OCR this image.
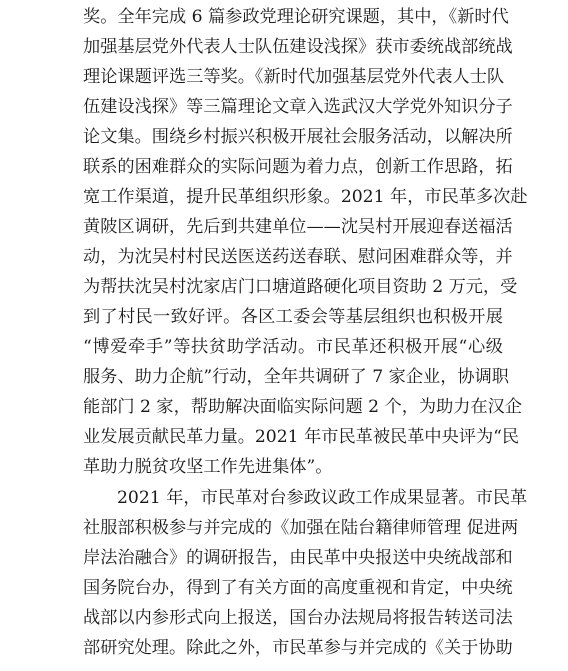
奖。全年完成 6 篇参政党理论研究课题，其中，《新时代
加强基层党外代表人士队伍建设浅探》获市委统战部统战
理论课题评选三等奖。《新时代加强基层党外代表人士队
伍建设浅探》等三篇理论文章入选武汉大学党外知识分子
论文集。围绕乡村振兴积极开展社会服务活动，以解决所
联系的困难群众的实际问题为着力点，创新工作思路，拓
宽工作渠道，提升民革组织形象。2021 年，市民革多次赴
黄陂区调研，先后到共建单位——沈吴村开展迎春送福活
动，为沈吴村村民送医送药送春联、慰问困难群众等，并
为帮扶沈吴村沈家店门口塘道路硬化项目资助 2 万元，受
到了村民一致好评。各区工委会等基层组织也积极开展
“博爱牵手”等扶贫助学活动。市民革还积极开展“心级
服务、助力企航”行动，全年共调研了 7 家企业，协调职
能部门 2 家，帮助解决面临实际问题 2 个，为助力在汉企
业发展贡献民革力量。2021 年市民革被民革中央评为“民
革助力脱贫攻坚工作先进集体”。
2021 年，市民革对台参政议政工作成果显著。市民革
社服部积极参与并完成的《加强在陆台籍律师管理 促进两
岸法治融合》的调研报告，由民革中央报送中央统战部和
国务院台办，得到了有关方面的高度重视和肯定，中央统
战部以内参形式向上报送，国台办法规局将报告转送司法
部研究处理。除此之外，市民革参与并完成的《关于协助
